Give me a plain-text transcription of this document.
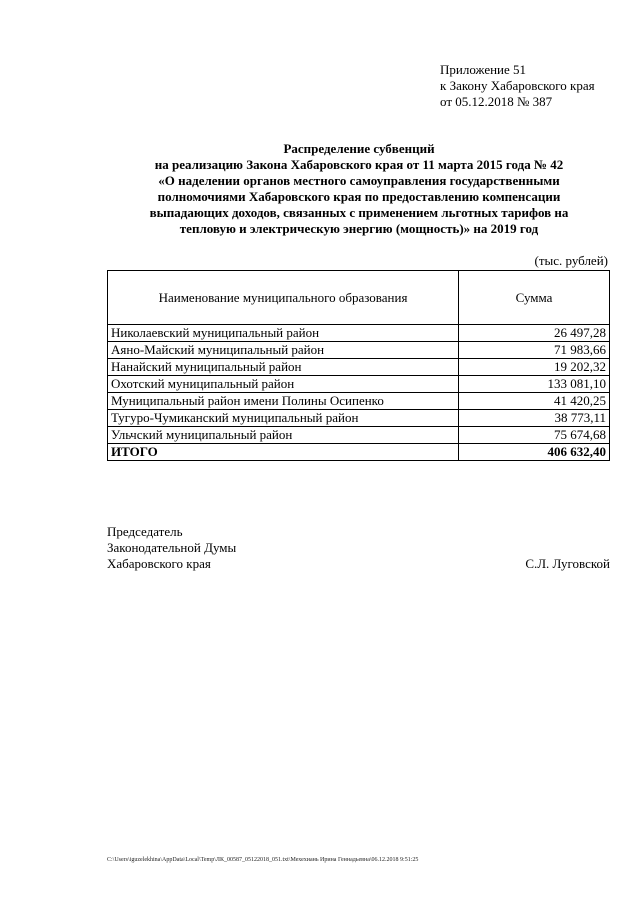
Приложение 51
к Закону Хабаровского края
от 05.12.2018 № 387
Распределение субвенций
на реализацию Закона Хабаровского края от 11 марта 2015 года № 42
«О наделении органов местного самоуправления государственными
полномочиями Хабаровского края по предоставлению компенсации
выпадающих доходов, связанных с применением льготных тарифов на
тепловую и электрическую энергию (мощность)» на 2019 год
(тыс. рублей)
Наименование муниципального образования	Сумма
Николаевский муниципальный район	26 497,28
Аяно-Майский муниципальный район	71 983,66
Нанайский муниципальный район	19 202,32
Охотский муниципальный район	133 081,10
Муниципальный район имени Полины Осипенко	41 420,25
Тугуро-Чумиканский муниципальный район	38 773,11
Ульчский муниципальный район	75 674,68
ИТОГО	406 632,40
Председатель
Законодательной Думы
Хабаровского края	С.Л. Луговской
C:\Users\iguzelekhina\AppData\Local\Temp\ЛК_00587_05122018_051.txt\Мехехиань Ирина Геннадьевна\06.12.2018 9:51:25
